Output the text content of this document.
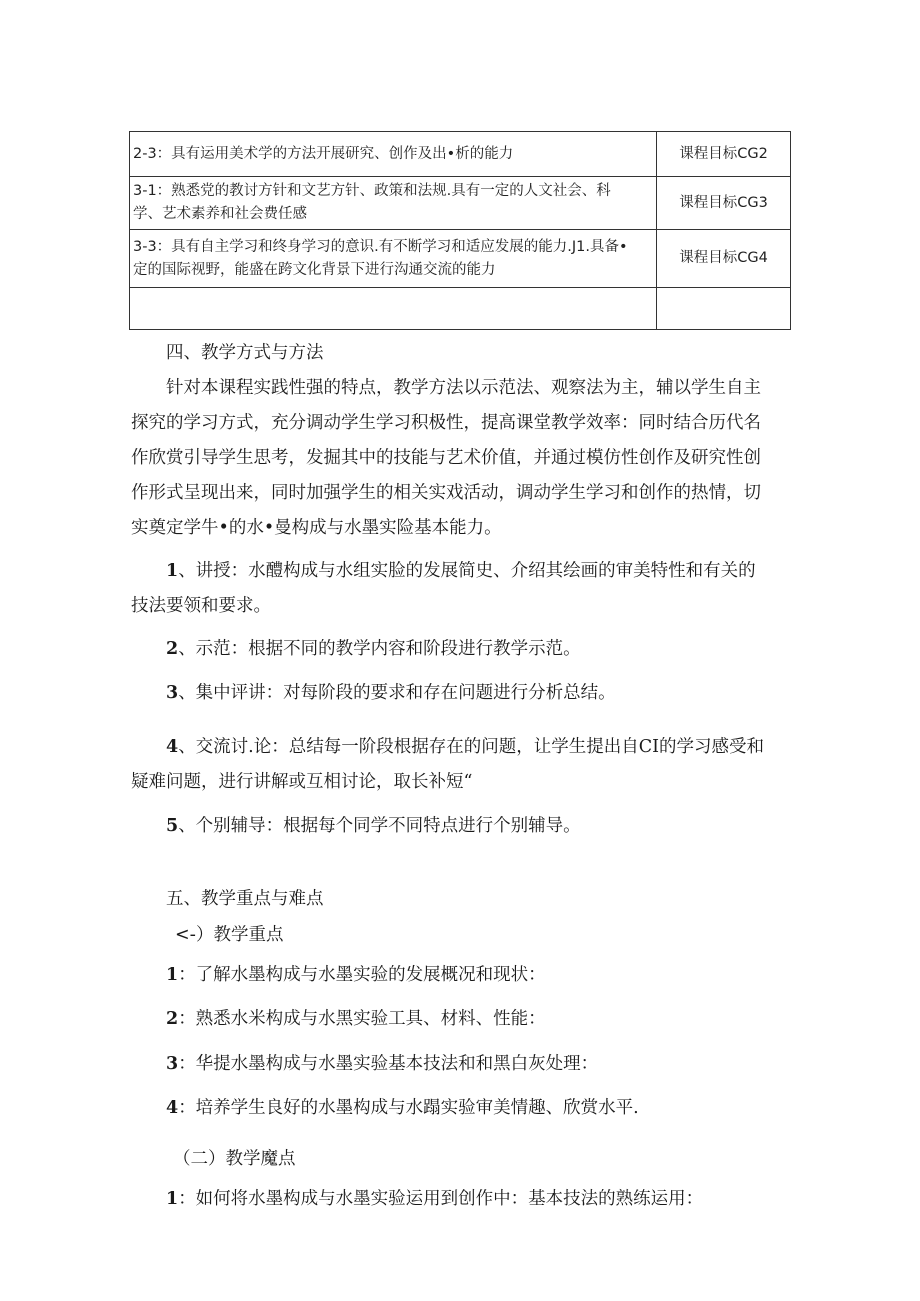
2-3：具有运用美术学的方法开展研究、创作及出•析的能力	课程目标CG2
3-1：熟悉党的教讨方针和文艺方针、政策和法规.具有一定的人文社会、科
学、艺术素养和社会费任感	课程目标CG3
3-3：具有自主学习和终身学习的意识.有不断学习和适应发展的能力.J1.具备•
定的国际视野，能盛在跨文化背景下进行沟通交流的能力	课程目标CG4

四、教学方式与方法
针对本课程实践性强的特点，教学方法以示范法、观察法为主，辅以学生自主
探究的学习方式，充分调动学生学习积极性，提高课堂教学效率：同时结合历代名
作欣赏引导学生思考，发掘其中的技能与艺术价值，并通过模仿性创作及研究性创
作形式呈现出来，同时加强学生的相关实戏活动，调动学生学习和创作的热情，切
实奠定学牛•的水•曼构成与水墨实险基本能力。
1、讲授：水醴构成与水组实脸的发展简史、介绍其绘画的审美特性和有关的
技法要领和要求。
2、示范：根据不同的教学内容和阶段进行教学示范。
3、集中评讲：对每阶段的要求和存在问题进行分析总结。
4、交流讨.论：总结每一阶段根据存在的问题，让学生提出自CI的学习感受和
疑难问题，进行讲解或互相讨论，取长补短“
5、个别辅导：根据每个同学不同特点进行个别辅导。
五、教学重点与难点
<-）教学重点
1：了解水墨构成与水墨实验的发展概况和现状：
2：熟悉水米构成与水黑实验工具、材料、性能：
3：华提水墨构成与水墨实验基本技法和和黑白灰处理：
4：培养学生良好的水墨构成与水蹋实验审美情趣、欣赏水平.
（二）教学魔点
1：如何将水墨构成与水墨实验运用到创作中：基本技法的熟练运用：
